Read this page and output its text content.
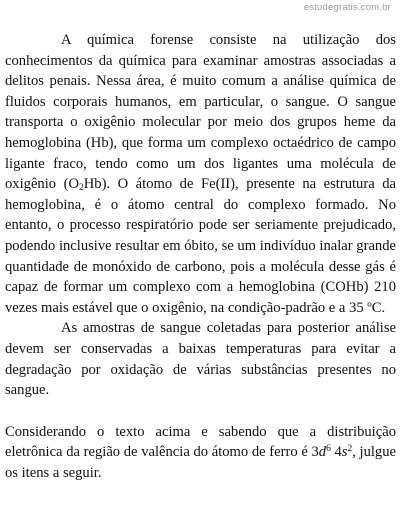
estudegratis.com.br

A química forense consiste na utilização dos conhecimentos da química para examinar amostras associadas a delitos penais. Nessa área, é muito comum a análise química de fluidos corporais humanos, em particular, o sangue. O sangue transporta o oxigênio molecular por meio dos grupos heme da hemoglobina (Hb), que forma um complexo octaédrico de campo ligante fraco, tendo como um dos ligantes uma molécula de oxigênio $(O_2Hb)$. O átomo de Fe(II), presente na estrutura da hemoglobina, é o átomo central do complexo formado. No entanto, o processo respiratório pode ser seriamente prejudicado, podendo inclusive resultar em óbito, se um indivíduo inalar grande quantidade de monóxido de carbono, pois a molécula desse gás é capaz de formar um complexo com a hemoglobina (COHb) 210 vezes mais estável que o oxigênio, na condição-padrão e a 35 ºC.

As amostras de sangue coletadas para posterior análise devem ser conservadas a baixas temperaturas para evitar a degradação por oxidação de várias substâncias presentes no sangue.

Considerando o texto acima e sabendo que a distribuição eletrônica da região de valência do átomo de ferro é $3d^6$ $4s^2$, julgue os itens a seguir.
